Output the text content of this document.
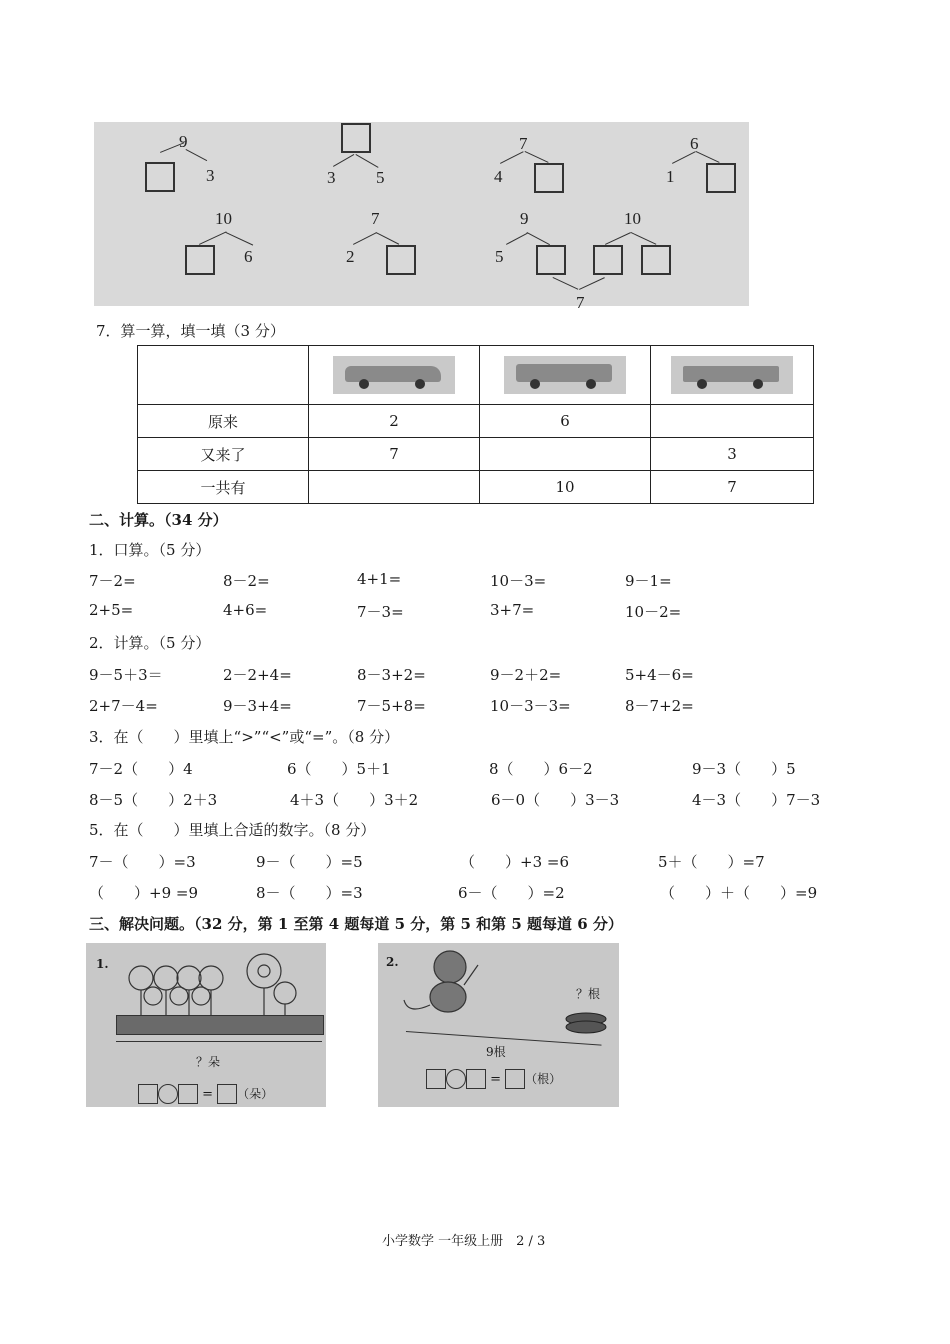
9
3	3 5
7
4
6
1
10
6
7
2
9
5
10
7
7．算一算，填一填（3 分）

原来	2	6	
又来了	7		3
一共有		10	7
二、计算。（34 分）
1．口算。（5 分）
7－2=	8－2=	4+1=	10－3=	9－1=
2+5=	4+6=	7－3=	3+7=	10－2=
2．计算。（5 分）
9－5＋3＝	2－2+4=	8－3+2=	9－2＋2=	5+4－6=
2+7－4=	9－3+4=	7－5+8=	10－3－3=	8－7+2=
3．在（　　）里填上“>”“<”或“=”。（8 分）
7－2（　　）4	6（　　）5＋1	8（　　）6－2	9－3（　　）5
8－5（　　）2＋3	4＋3（　　）3＋2	6－0（　　）3－3	4－3（　　）7－3
5．在（　　）里填上合适的数字。（8 分）
7－（　　）=3	9－（　　）=5	（　　）+3 =6	5＋（　　）=7
（　　）+9 =9	8－（　　）=3	6－（　　）=2	（　　）＋（　　）=9
三、解决问题。（32 分，第 1 至第 4 题每道 5 分，第 5 和第 5 题每道 6 分）
1.
？朵
= （朵）
2.
？根
9根
= （根）
小学数学 一年级上册　2 / 3
